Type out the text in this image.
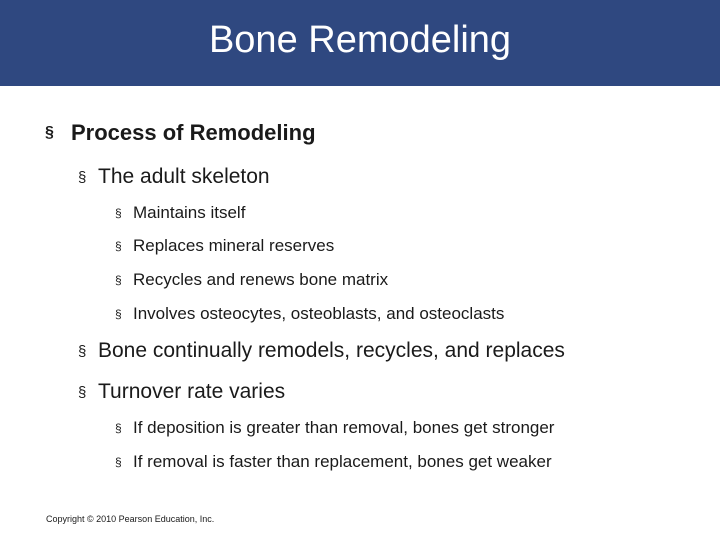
Bone Remodeling
§ Process of Remodeling
§ The adult skeleton
§ Maintains itself
§ Replaces mineral reserves
§ Recycles and renews bone matrix
§ Involves osteocytes, osteoblasts, and osteoclasts
§ Bone continually remodels, recycles, and replaces
§ Turnover rate varies
§ If deposition is greater than removal, bones get stronger
§ If removal is faster than replacement, bones get weaker
Copyright © 2010 Pearson Education, Inc.
